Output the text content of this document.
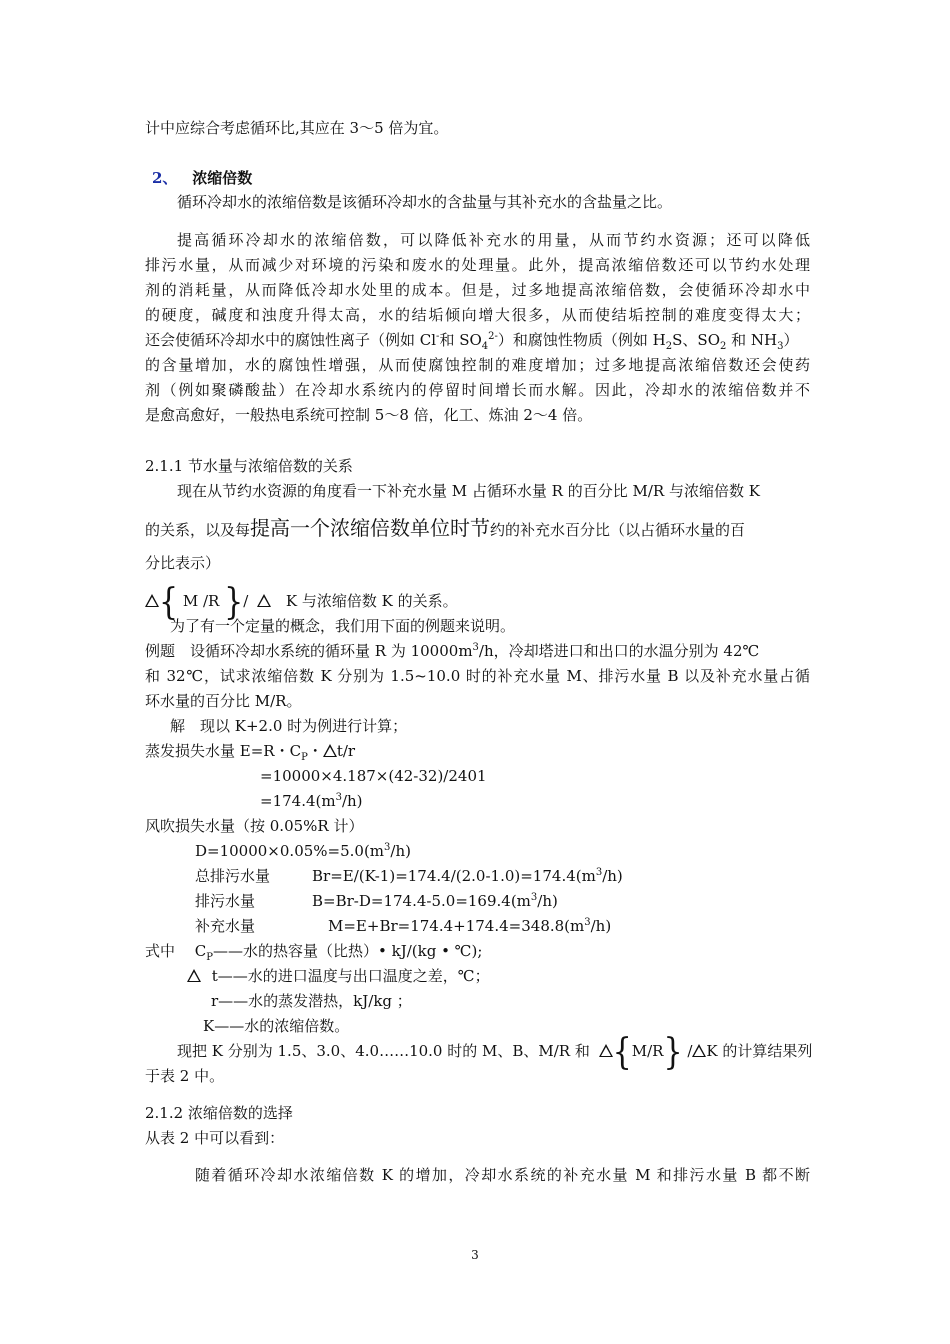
计中应综合考虑循环比,其应在 3～5 倍为宜。
2、 浓缩倍数
循环冷却水的浓缩倍数是该循环冷却水的含盐量与其补充水的含盐量之比。
提高循环冷却水的浓缩倍数，可以降低补充水的用量，从而节约水资源；还可以降低
排污水量，从而减少对环境的污染和废水的处理量。此外，提高浓缩倍数还可以节约水处理
剂的消耗量，从而降低冷却水处里的成本。但是，过多地提高浓缩倍数，会使循环冷却水中
的硬度，碱度和浊度升得太高，水的结垢倾向增大很多，从而使结垢控制的难度变得太大；
还会使循环冷却水中的腐蚀性离子（例如 Cl-和 $SO_4^{2-}$）和腐蚀性物质（例如 $H_2S$、$SO_2$ 和 $NH_3$）
的含量增加，水的腐蚀性增强，从而使腐蚀控制的难度增加；过多地提高浓缩倍数还会使药
剂（例如聚磷酸盐）在冷却水系统内的停留时间增长而水解。因此，冷却水的浓缩倍数并不
是愈高愈好，一般热电系统可控制 5～8 倍，化工、炼油 2～4 倍。
2.1.1 节水量与浓缩倍数的关系
现在从节约水资源的角度看一下补充水量 M 占循环水量 R 的百分比 M/R 与浓缩倍数 K
的关系，以及每提高一个浓缩倍数单位时节约的补充水百分比（以占循环水量的百
分比表示）
{ M /R }/	K 与浓缩倍数 K 的关系。
为了有一个定量的概念，我们用下面的例题来说明。
例题　设循环冷却水系统的循环量 R 为 $10000m^3/h$，冷却塔进口和出口的水温分别为 42℃
和 32℃，试求浓缩倍数 K 分别为 1.5~10.0 时的补充水量 M、排污水量 B 以及补充水量占循
环水量的百分比 M/R。
解　现以 K+2.0 时为例进行计算；
蒸发损失水量 E=R・$C_P$・ t/r
=10000×4.187×(42-32)/2401
$=174.4(m^3/h)$
风吹损失水量（按 0.05%R 计）
$D=10000\times 0.05\%=5.0(m^3/h)$
总排污水量	$Br=E/(K-1)=174.4/(2.0-1.0)=174.4(m^3/h)$
排污水量	$B=Br-D=174.4-5.0=169.4(m^3/h)$
补充水量	$M=E+Br=174.4+174.4=348.8(m^3/h)$
式中　 $C_P——$水的热容量（比热）• kJ/(kg • ℃);
t——水的进口温度与出口温度之差，℃；
r——水的蒸发潜热，kJ/kg ；
K——水的浓缩倍数。
现把 K 分别为 1.5、3.0、4.0……10.0 时的 M、B、M/R 和 {M/R} / K 的计算结果列
于表 2 中。
2.1.2 浓缩倍数的选择
从表 2 中可以看到：
随着循环冷却水浓缩倍数 K 的增加，冷却水系统的补充水量 M 和排污水量 B 都不断
3
